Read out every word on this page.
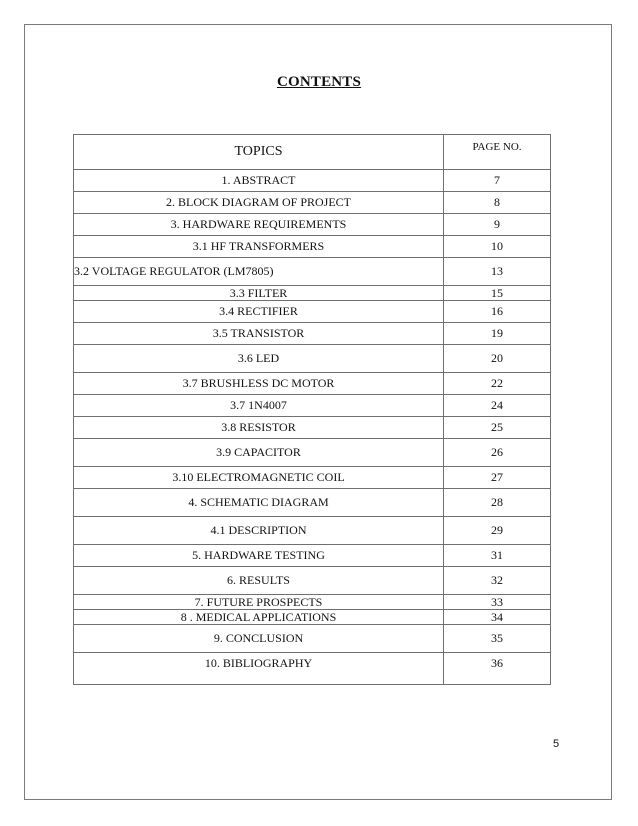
CONTENTS
TOPICS	PAGE NO.
1. ABSTRACT	7
2. BLOCK DIAGRAM OF PROJECT	8
3. HARDWARE REQUIREMENTS	9
3.1 HF TRANSFORMERS	10
3.2 VOLTAGE REGULATOR (LM7805)	13
3.3 FILTER	15
3.4 RECTIFIER	16
3.5 TRANSISTOR	19
3.6 LED	20
3.7 BRUSHLESS DC MOTOR	22
3.7 1N4007	24
3.8 RESISTOR	25
3.9 CAPACITOR	26
3.10 ELECTROMAGNETIC COIL	27
4. SCHEMATIC DIAGRAM	28
4.1 DESCRIPTION	29
5. HARDWARE TESTING	31
6. RESULTS	32
7. FUTURE PROSPECTS	33
8 . MEDICAL APPLICATIONS	34
9. CONCLUSION	35
10. BIBLIOGRAPHY	36
5
